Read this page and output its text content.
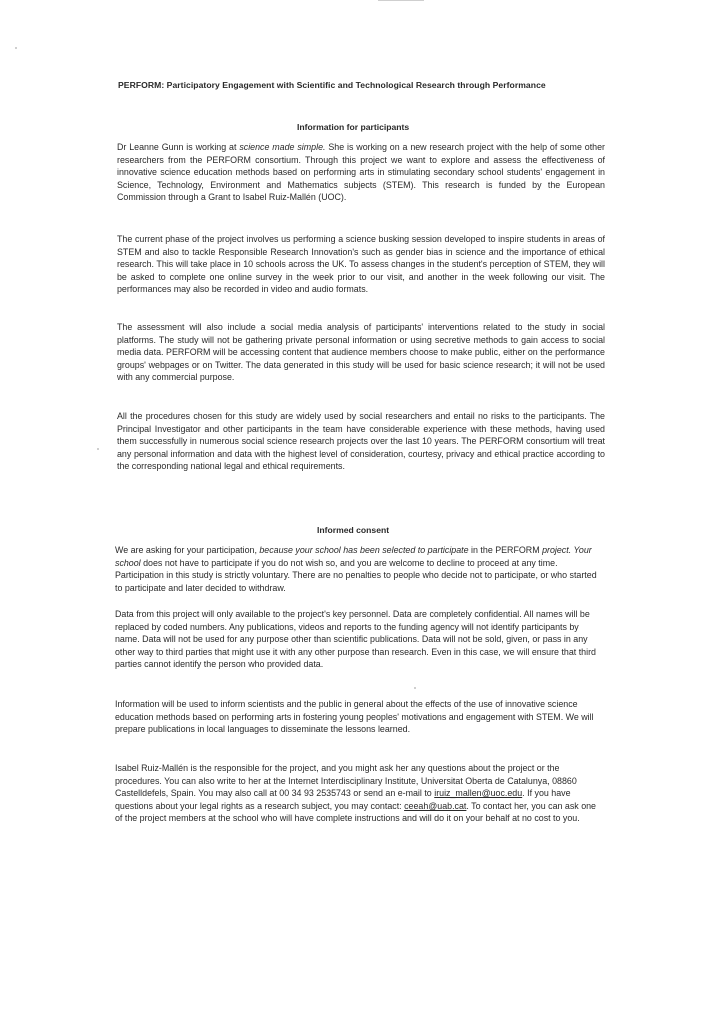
PERFORM: Participatory Engagement with Scientific and Technological Research through Performance
Information for participants

Dr Leanne Gunn is working at science made simple. She is working on a new research project with the help of some other researchers from the PERFORM consortium. Through this project we want to explore and assess the effectiveness of innovative science education methods based on performing arts in stimulating secondary school students' engagement in Science, Technology, Environment and Mathematics subjects (STEM). This research is funded by the European Commission through a Grant to Isabel Ruiz-Mallén (UOC).

The current phase of the project involves us performing a science busking session developed to inspire students in areas of STEM and also to tackle Responsible Research Innovation's such as gender bias in science and the importance of ethical research. This will take place in 10 schools across the UK. To assess changes in the student's perception of STEM, they will be asked to complete one online survey in the week prior to our visit, and another in the week following our visit. The performances may also be recorded in video and audio formats.

The assessment will also include a social media analysis of participants' interventions related to the study in social platforms. The study will not be gathering private personal information or using secretive methods to gain access to social media data. PERFORM will be accessing content that audience members choose to make public, either on the performance groups' webpages or on Twitter. The data generated in this study will be used for basic science research; it will not be used with any commercial purpose.

All the procedures chosen for this study are widely used by social researchers and entail no risks to the participants. The Principal Investigator and other participants in the team have considerable experience with these methods, having used them successfully in numerous social science research projects over the last 10 years. The PERFORM consortium will treat any personal information and data with the highest level of consideration, courtesy, privacy and ethical practice according to the corresponding national legal and ethical requirements.

Informed consent

We are asking for your participation, because your school has been selected to participate in the PERFORM project. Your school does not have to participate if you do not wish so, and you are welcome to decline to proceed at any time. Participation in this study is strictly voluntary. There are no penalties to people who decide not to participate, or who started to participate and later decided to withdraw.

Data from this project will only available to the project's key personnel. Data are completely confidential. All names will be replaced by coded numbers. Any publications, videos and reports to the funding agency will not identify participants by name. Data will not be used for any purpose other than scientific publications. Data will not be sold, given, or pass in any other way to third parties that might use it with any other purpose than research. Even in this case, we will ensure that third parties cannot identify the person who provided data.

Information will be used to inform scientists and the public in general about the effects of the use of innovative science education methods based on performing arts in fostering young peoples' motivations and engagement with STEM. We will prepare publications in local languages to disseminate the lessons learned.

Isabel Ruiz-Mallén is the responsible for the project, and you might ask her any questions about the project or the procedures. You can also write to her at the Internet Interdisciplinary Institute, Universitat Oberta de Catalunya, 08860 Castelldefels, Spain. You may also call at 00 34 93 2535743 or send an e-mail to iruiz_mallen@uoc.edu. If you have questions about your legal rights as a research subject, you may contact: ceeah@uab.cat. To contact her, you can ask one of the project members at the school who will have complete instructions and will do it on your behalf at no cost to you.
